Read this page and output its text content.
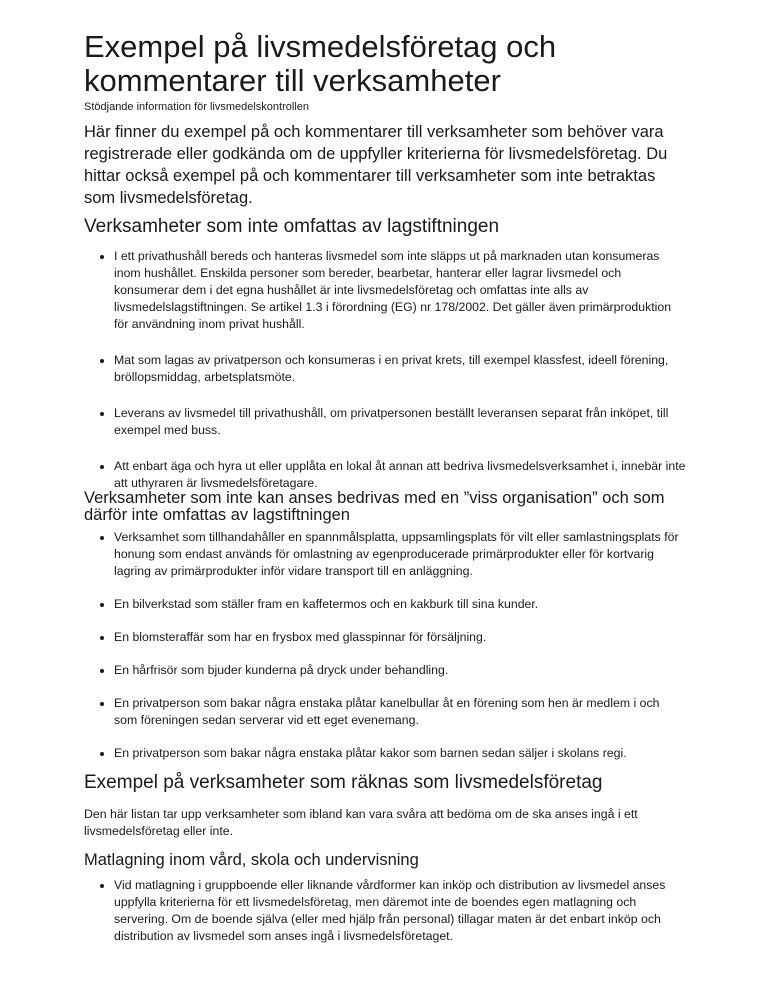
Exempel på livsmedelsföretag och kommentarer till verksamheter

Stödjande information för livsmedelskontrollen

Här finner du exempel på och kommentarer till verksamheter som behöver vara registrerade eller godkända om de uppfyller kriterierna för livsmedelsföretag. Du hittar också exempel på och kommentarer till verksamheter som inte betraktas som livsmedelsföretag.

Verksamheter som inte omfattas av lagstiftningen
I ett privathushåll bereds och hanteras livsmedel som inte släpps ut på marknaden utan konsumeras inom hushållet. Enskilda personer som bereder, bearbetar, hanterar eller lagrar livsmedel och konsumerar dem i det egna hushållet är inte livsmedelsföretag och omfattas inte alls av livsmedelslagstiftningen. Se artikel 1.3 i förordning (EG) nr 178/2002. Det gäller även primärproduktion för användning inom privat hushåll.
Mat som lagas av privatperson och konsumeras i en privat krets, till exempel klassfest, ideell förening, bröllopsmiddag, arbetsplatsmöte.
Leverans av livsmedel till privathushåll, om privatpersonen beställt leveransen separat från inköpet, till exempel med buss.
Att enbart äga och hyra ut eller upplåta en lokal åt annan att bedriva livsmedelsverksamhet i, innebär inte att uthyraren är livsmedelsföretagare.
Verksamheter som inte kan anses bedrivas med en ”viss organisation” och som därför inte omfattas av lagstiftningen
Verksamhet som tillhandahåller en spannmålsplatta, uppsamlingsplats för vilt eller samlastningsplats för honung som endast används för omlastning av egenproducerade primärprodukter eller för kortvarig lagring av primärprodukter inför vidare transport till en anläggning.
En bilverkstad som ställer fram en kaffetermos och en kakburk till sina kunder.
En blomsteraffär som har en frysbox med glasspinnar för försäljning.
En hårfrisör som bjuder kunderna på dryck under behandling.
En privatperson som bakar några enstaka plåtar kanelbullar åt en förening som hen är medlem i och som föreningen sedan serverar vid ett eget evenemang.
En privatperson som bakar några enstaka plåtar kakor som barnen sedan säljer i skolans regi.
Exempel på verksamheter som räknas som livsmedelsföretag

Den här listan tar upp verksamheter som ibland kan vara svåra att bedöma om de ska anses ingå i ett livsmedelsföretag eller inte.

Matlagning inom vård, skola och undervisning
Vid matlagning i gruppboende eller liknande vårdformer kan inköp och distribution av livsmedel anses uppfylla kriterierna för ett livsmedelsföretag, men däremot inte de boendes egen matlagning och servering. Om de boende själva (eller med hjälp från personal) tillagar maten är det enbart inköp och distribution av livsmedel som anses ingå i livsmedelsföretaget.
